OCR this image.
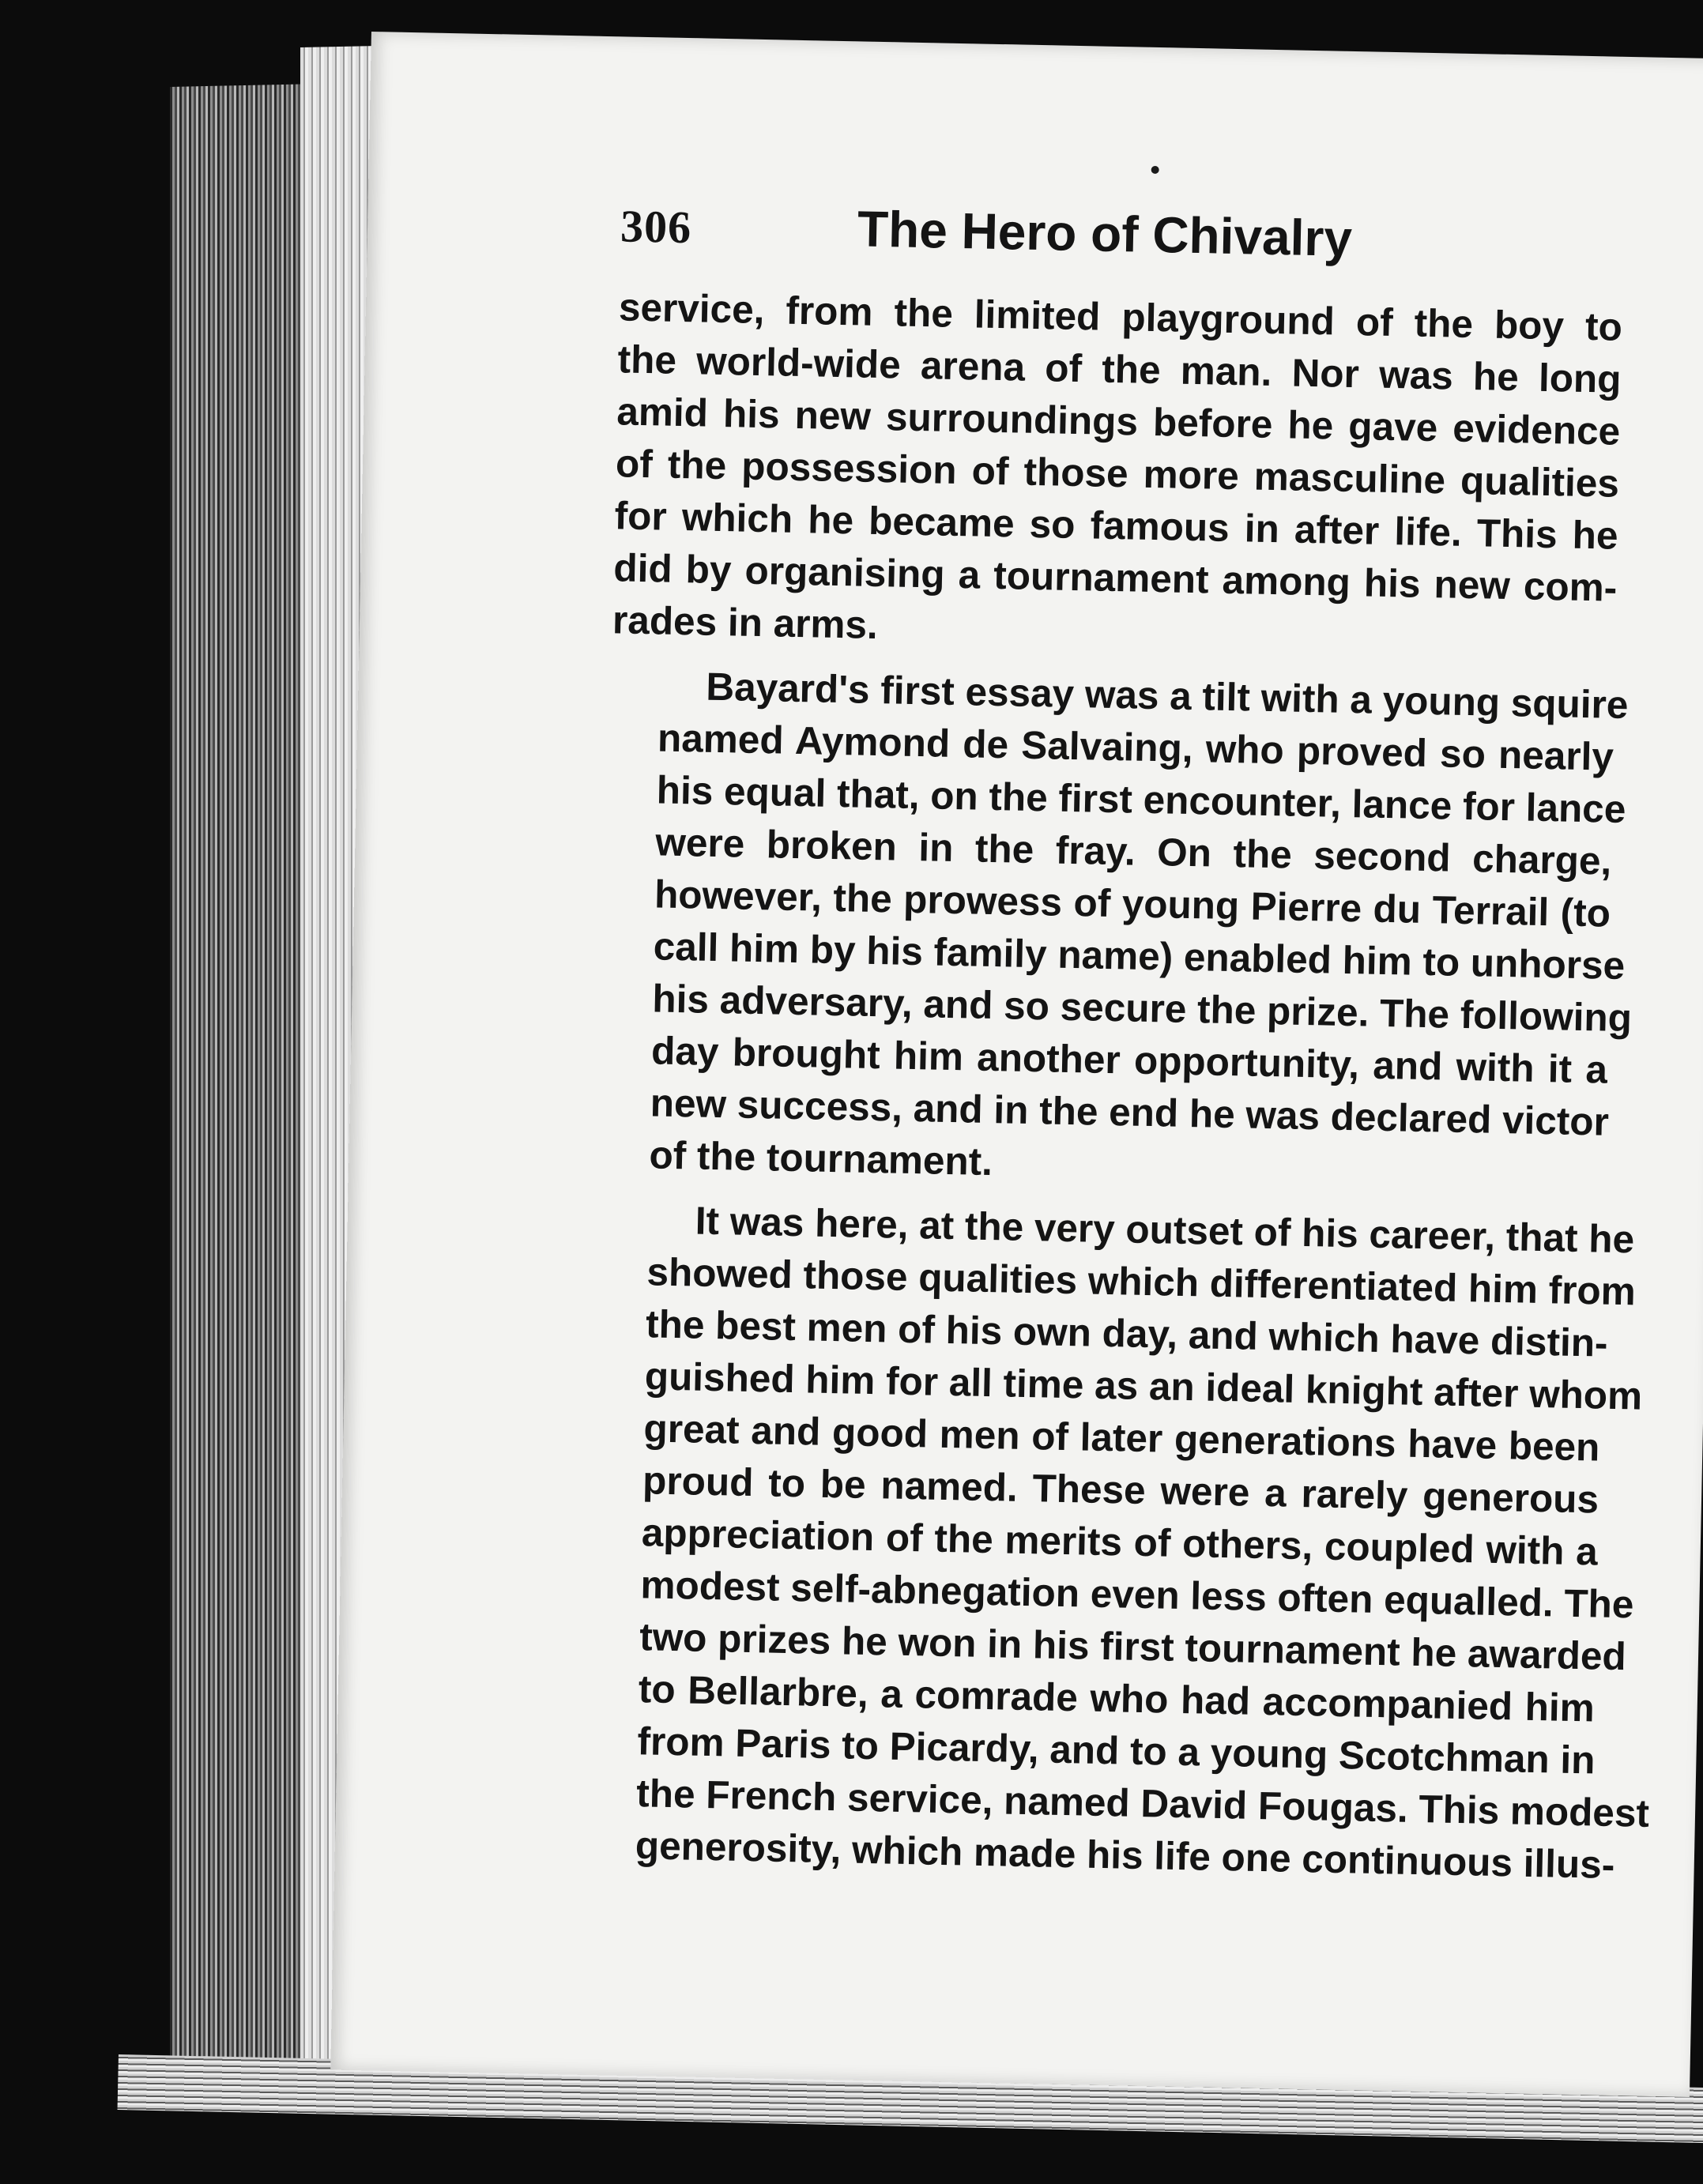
306	The Hero of Chivalry

service, from the limited playground of the boy to
the world-wide arena of the man. Nor was he long
amid his new surroundings before he gave evidence
of the possession of those more masculine qualities
for which he became so famous in after life. This he
did by organising a tournament among his new com-
rades in arms.

Bayard's first essay was a tilt with a young squire
named Aymond de Salvaing, who proved so nearly
his equal that, on the first encounter, lance for lance
were broken in the fray. On the second charge,
however, the prowess of young Pierre du Terrail (to
call him by his family name) enabled him to unhorse
his adversary, and so secure the prize. The following
day brought him another opportunity, and with it a
new success, and in the end he was declared victor
of the tournament.

It was here, at the very outset of his career, that he
showed those qualities which differentiated him from
the best men of his own day, and which have distin-
guished him for all time as an ideal knight after whom
great and good men of later generations have been
proud to be named. These were a rarely generous
appreciation of the merits of others, coupled with a
modest self-abnegation even less often equalled. The
two prizes he won in his first tournament he awarded
to Bellarbre, a comrade who had accompanied him
from Paris to Picardy, and to a young Scotchman in
the French service, named David Fougas. This modest
generosity, which made his life one continuous illus-
